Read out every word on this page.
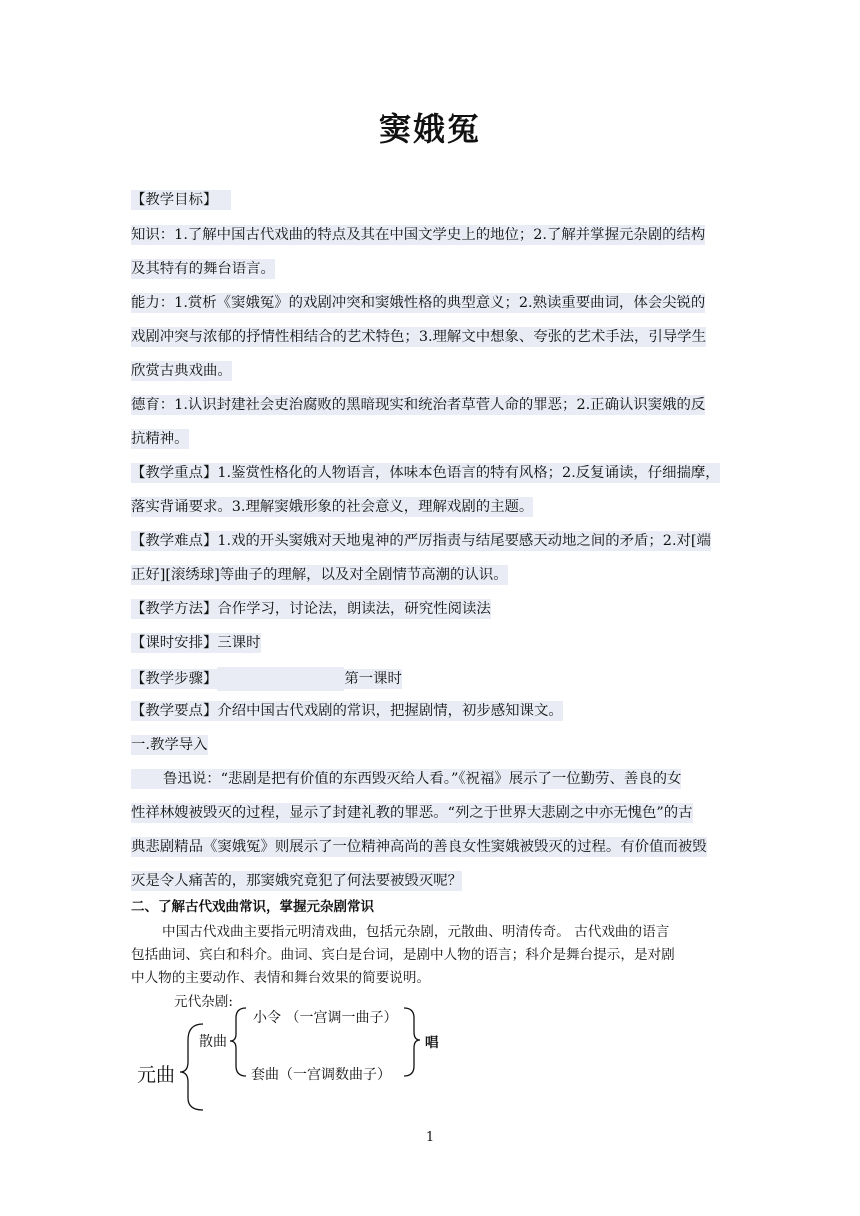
窦娥冤
【教学目标】
知识：1.了解中国古代戏曲的特点及其在中国文学史上的地位；2.了解并掌握元杂剧的结构
及其特有的舞台语言。
能力：1.赏析《窦娥冤》的戏剧冲突和窦娥性格的典型意义；2.熟读重要曲词，体会尖锐的
戏剧冲突与浓郁的抒情性相结合的艺术特色；3.理解文中想象、夸张的艺术手法，引导学生
欣赏古典戏曲。
德育：1.认识封建社会吏治腐败的黑暗现实和统治者草菅人命的罪恶；2.正确认识窦娥的反
抗精神。
【教学重点】1.鉴赏性格化的人物语言，体味本色语言的特有风格；2.反复诵读，仔细揣摩，
落实背诵要求。3.理解窦娥形象的社会意义，理解戏剧的主题。
【教学难点】1.戏的开头窦娥对天地鬼神的严厉指责与结尾要感天动地之间的矛盾；2.对[端
正好][滚绣球]等曲子的理解，以及对全剧情节高潮的认识。
【教学方法】合作学习，讨论法，朗读法，研究性阅读法
【课时安排】三课时
【教学步骤】	第一课时
【教学要点】介绍中国古代戏剧的常识，把握剧情，初步感知课文。
一.教学导入
鲁迅说：“悲剧是把有价值的东西毁灭给人看。”《祝福》展示了一位勤劳、善良的女
性祥林嫂被毁灭的过程，显示了封建礼教的罪恶。“列之于世界大悲剧之中亦无愧色”的古
典悲剧精品《窦娥冤》则展示了一位精神高尚的善良女性窦娥被毁灭的过程。有价值而被毁
灭是令人痛苦的，那窦娥究竟犯了何法要被毁灭呢？
二、了解古代戏曲常识，掌握元杂剧常识
中国古代戏曲主要指元明清戏曲，包括元杂剧，元散曲、明清传奇。 古代戏曲的语言
包括曲词、宾白和科介。曲词、宾白是台词，是剧中人物的语言；科介是舞台提示，是对剧
中人物的主要动作、表情和舞台效果的简要说明。
元代杂剧:
元曲
散曲
小令 （一宫调一曲子）
套曲（一宫调数曲子）
唱
1
